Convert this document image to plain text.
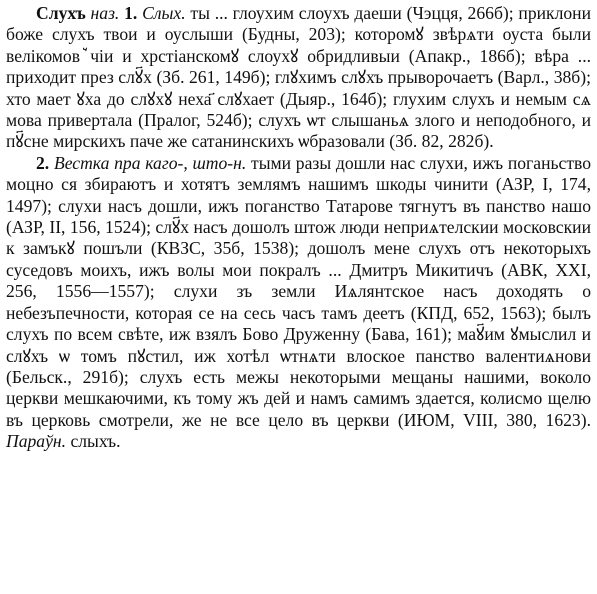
Слухъ наз. 1. Слых. ты ... глоухим слоухъ даеши (Чэцця, 266б); приклони боже слухъ твои и оуслыши (Будны, 203); которомꙋ звѣрѧти оуста были велікомовꙿчіи и хрстіанскомꙋ слоухꙋ обридливыи (Апакр., 186б); вѣра ... приходит през слꙋ҃х (Зб. 261, 149б); глꙋхимъ слꙋхъ прыворочаетъ (Варл., 38б); хто мает ꙋха до слꙋхꙋ неха҃ слꙋхает (Дыяр., 164б); глухим слухъ и немым сѧ мова привертала (Пралог, 524б); слухъ ѡт слышаньѧ злого и неподобного, и пꙋ҃сне мирскихъ паче же сатанинскихъ ѡбразовали (Зб. 82, 282б).

2. Вестка пра каго-, што-н. тыми разы дошли нас слухи, ижъ поганьство моцно ся збираютъ и хотятъ землямъ нашимъ шкоды чинити (АЗР, I, 174, 1497); слухи насъ дошли, ижъ поганство Татарове тягнутъ въ панство нашо (АЗР, II, 156, 1524); слꙋ҃х насъ дошолъ штож люди неприѧтелскии московскии к замъкꙋ пошъли (КВЗС, 35б, 1538); дошолъ мене слухъ отъ некоторыхъ суседовъ моихъ, ижъ волы мои покралъ ... Дмитръ Микитичъ (АВК, XXI, 256, 1556—1557); слухи зъ земли Иѧлянтское насъ доходять о небезъпечности, которая се на сесь часъ тамъ деетъ (КПД, 652, 1563); былъ слухъ по всем свѣте, иж взялъ Бово Друженну (Бава, 161); маꙋ҃им ꙋмыслил и слꙋхъ ѡ томъ пꙋстил, иж хотѣл ѡтнѧти влоское панство валентиѧнови (Бельск., 291б); слухъ есть межы некоторыми мещаны нашими, воколо церкви мешкаючими, къ тому жъ дей и намъ самимъ здается, колисмо щелю въ церковь смотрели, же не все цело въ церкви (ИЮМ, VIII, 380, 1623). Параўн. слыхъ.
